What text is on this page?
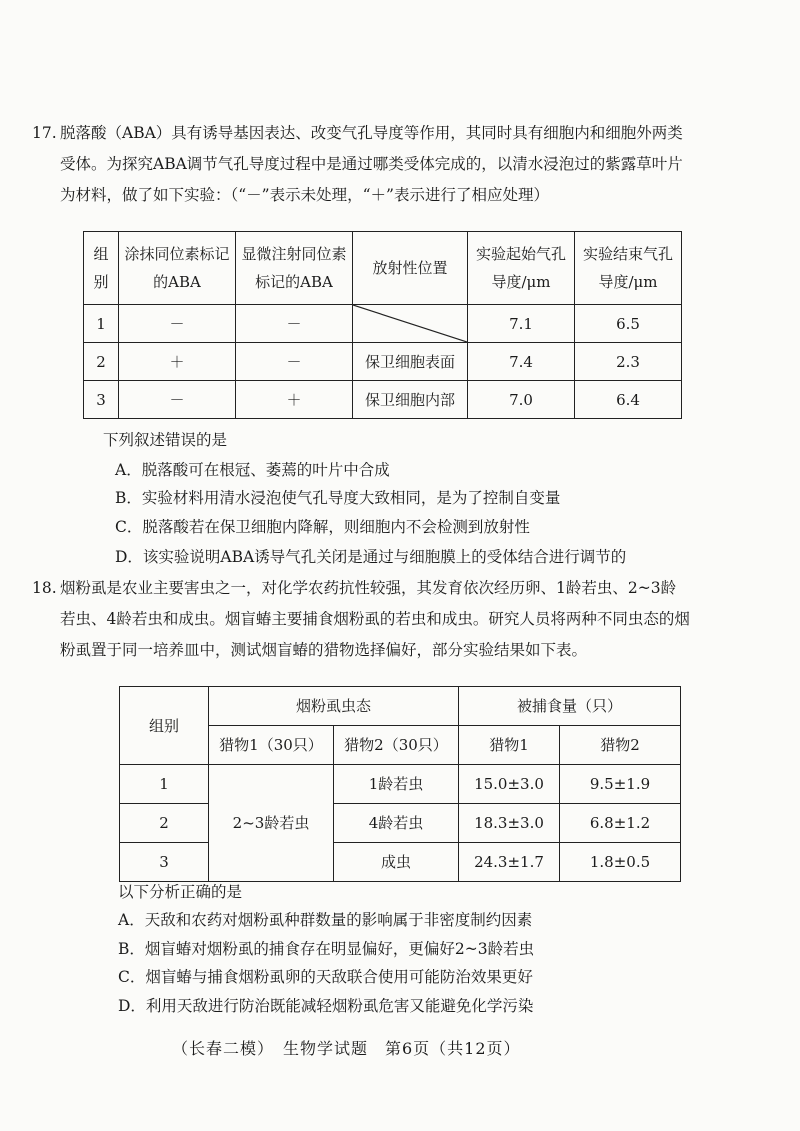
17. 脱落酸（ABA）具有诱导基因表达、改变气孔导度等作用，其同时具有细胞内和细胞外两类受体。为探究ABA调节气孔导度过程中是通过哪类受体完成的，以清水浸泡过的紫露草叶片为材料，做了如下实验：（“－”表示未处理，“＋”表示进行了相应处理）

组别	涂抹同位素标记的ABA	显微注射同位素标记的ABA	放射性位置	实验起始气孔导度/μm	实验结束气孔导度/μm
1	－	－		7.1	6.5
2	＋	－	保卫细胞表面	7.4	2.3
3	－	＋	保卫细胞内部	7.0	6.4
下列叙述错误的是
A．脱落酸可在根冠、萎蔫的叶片中合成
B．实验材料用清水浸泡使气孔导度大致相同，是为了控制自变量
C．脱落酸若在保卫细胞内降解，则细胞内不会检测到放射性
D．该实验说明ABA诱导气孔关闭是通过与细胞膜上的受体结合进行调节的
18. 烟粉虱是农业主要害虫之一，对化学农药抗性较强，其发育依次经历卵、1龄若虫、2~3龄若虫、4龄若虫和成虫。烟盲蝽主要捕食烟粉虱的若虫和成虫。研究人员将两种不同虫态的烟粉虱置于同一培养皿中，测试烟盲蝽的猎物选择偏好，部分实验结果如下表。

组别	烟粉虱虫态		被捕食量（只）	
	猎物1（30只）	猎物2（30只）	猎物1	猎物2
1	2~3龄若虫	1龄若虫	15.0±3.0	9.5±1.9
2		4龄若虫	18.3±3.0	6.8±1.2
3		成虫	24.3±1.7	1.8±0.5
以下分析正确的是
A．天敌和农药对烟粉虱种群数量的影响属于非密度制约因素
B．烟盲蝽对烟粉虱的捕食存在明显偏好，更偏好2~3龄若虫
C．烟盲蝽与捕食烟粉虱卵的天敌联合使用可能防治效果更好
D．利用天敌进行防治既能减轻烟粉虱危害又能避免化学污染
（长春二模）　生物学试题　第6页（共12页）
